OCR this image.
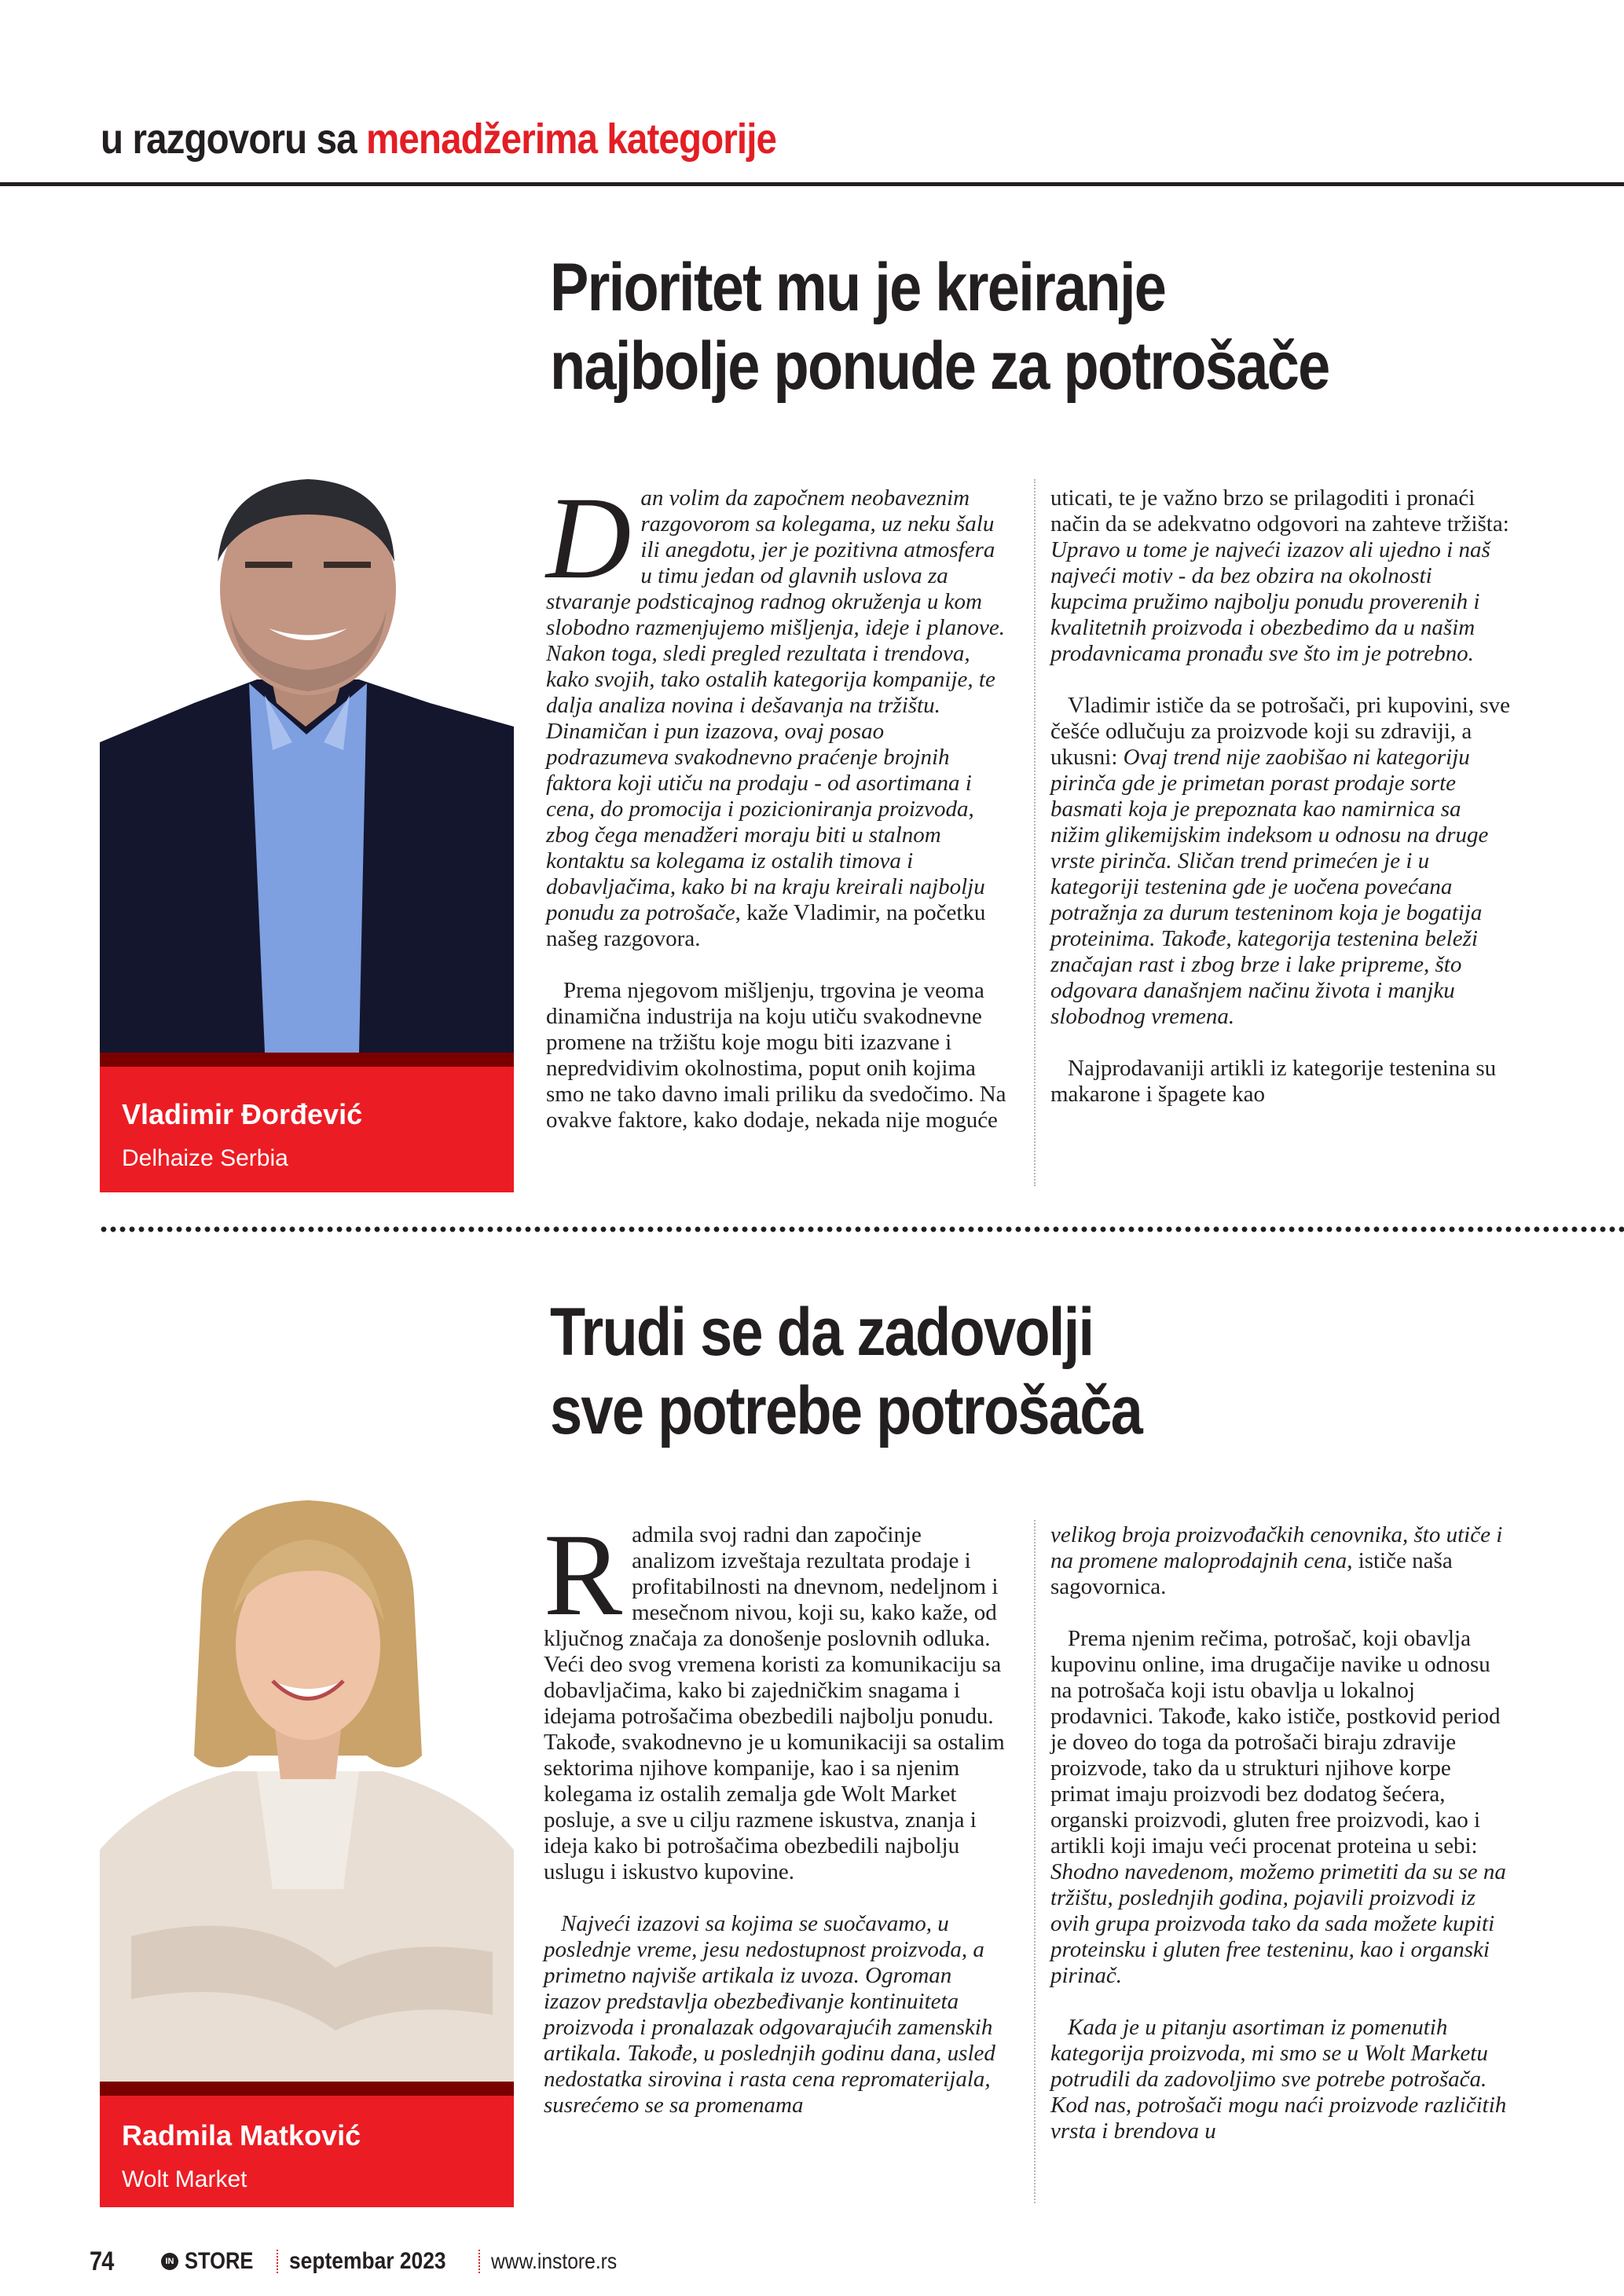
u razgovoru sa menadžerima kategorije
Prioritet mu je kreiranje
najbolje ponude za potrošače
Vladimir Đorđević
Delhaize Serbia

Dan volim da započnem neobaveznim razgovorom sa kolegama, uz neku šalu ili anegdotu, jer je pozitivna atmosfera u timu jedan od glavnih uslova za stvaranje podsticajnog radnog okruženja u kom slobodno razmenjujemo mišljenja, ideje i planove. Nakon toga, sledi pregled rezultata i trendova, kako svojih, tako ostalih kategorija kompanije, te dalja analiza novina i dešavanja na tržištu. Dinamičan i pun izazova, ovaj posao podrazumeva svakodnevno praćenje brojnih faktora koji utiču na prodaju - od asortimana i cena, do promocija i pozicioniranja proizvoda, zbog čega menadžeri moraju biti u stalnom kontaktu sa kolegama iz ostalih timova i dobavljačima, kako bi na kraju kreirali najbolju ponudu za potrošače, kaže Vladimir, na početku našeg razgovora.

Prema njegovom mišljenju, trgovina je veoma dinamična industrija na koju utiču svakodnevne promene na tržištu koje mogu biti izazvane i nepredvidivim okolnostima, poput onih kojima smo ne tako davno imali priliku da svedočimo. Na ovakve faktore, kako dodaje, nekada nije moguće

uticati, te je važno brzo se prilagoditi i pronaći način da se adekvatno odgovori na zahteve tržišta: Upravo u tome je najveći izazov ali ujedno i naš najveći motiv - da bez obzira na okolnosti kupcima pružimo najbolju ponudu proverenih i kvalitetnih proizvoda i obezbedimo da u našim prodavnicama pronađu sve što im je potrebno.

Vladimir ističe da se potrošači, pri kupovini, sve češće odlučuju za proizvode koji su zdraviji, a ukusni: Ovaj trend nije zaobišao ni kategoriju pirinča gde je primetan porast prodaje sorte basmati koja je prepoznata kao namirnica sa nižim glikemijskim indeksom u odnosu na druge vrste pirinča. Sličan trend primećen je i u kategoriji testenina gde je uočena povećana potražnja za durum testeninom koja je bogatija proteinima. Takođe, kategorija testenina beleži značajan rast i zbog brze i lake pripreme, što odgovara današnjem načinu života i manjku slobodnog vremena.

Najprodavaniji artikli iz kategorije testenina su makarone i špagete kao

Trudi se da zadovolji
sve potrebe potrošača
Radmila Matković
Wolt Market

Radmila svoj radni dan započinje analizom izveštaja rezultata prodaje i profitabilnosti na dnevnom, nedeljnom i mesečnom nivou, koji su, kako kaže, od ključnog značaja za donošenje poslovnih odluka. Veći deo svog vremena koristi za komunikaciju sa dobavljačima, kako bi zajedničkim snagama i idejama potrošačima obezbedili najbolju ponudu. Takođe, svakodnevno je u komunikaciji sa ostalim sektorima njihove kompanije, kao i sa njenim kolegama iz ostalih zemalja gde Wolt Market posluje, a sve u cilju razmene iskustva, znanja i ideja kako bi potrošačima obezbedili najbolju uslugu i iskustvo kupovine.

Najveći izazovi sa kojima se suočavamo, u poslednje vreme, jesu nedostupnost proizvoda, a primetno najviše artikala iz uvoza. Ogroman izazov predstavlja obezbeđivanje kontinuiteta proizvoda i pronalazak odgovarajućih zamenskih artikala. Takođe, u poslednjih godinu dana, usled nedostatka sirovina i rasta cena repromaterijala, susrećemo se sa promenama

velikog broja proizvođačkih cenovnika, što utiče i na promene maloprodajnih cena, ističe naša sagovornica.

Prema njenim rečima, potrošač, koji obavlja kupovinu online, ima drugačije navike u odnosu na potrošača koji istu obavlja u lokalnoj prodavnici. Takođe, kako ističe, postkovid period je doveo do toga da potrošači biraju zdravije proizvode, tako da u strukturi njihove korpe primat imaju proizvodi bez dodatog šećera, organski proizvodi, gluten free proizvodi, kao i artikli koji imaju veći procenat proteina u sebi: Shodno navedenom, možemo primetiti da su se na tržištu, poslednjih godina, pojavili proizvodi iz ovih grupa proizvoda tako da sada možete kupiti proteinsku i gluten free testeninu, kao i organski pirinač.

Kada je u pitanju asortiman iz pomenutih kategorija proizvoda, mi smo se u Wolt Marketu potrudili da zadovoljimo sve potrebe potrošača. Kod nas, potrošači mogu naći proizvode različitih vrsta i brendova u

74	IN STORE septembar 2023 www.instore.rs
